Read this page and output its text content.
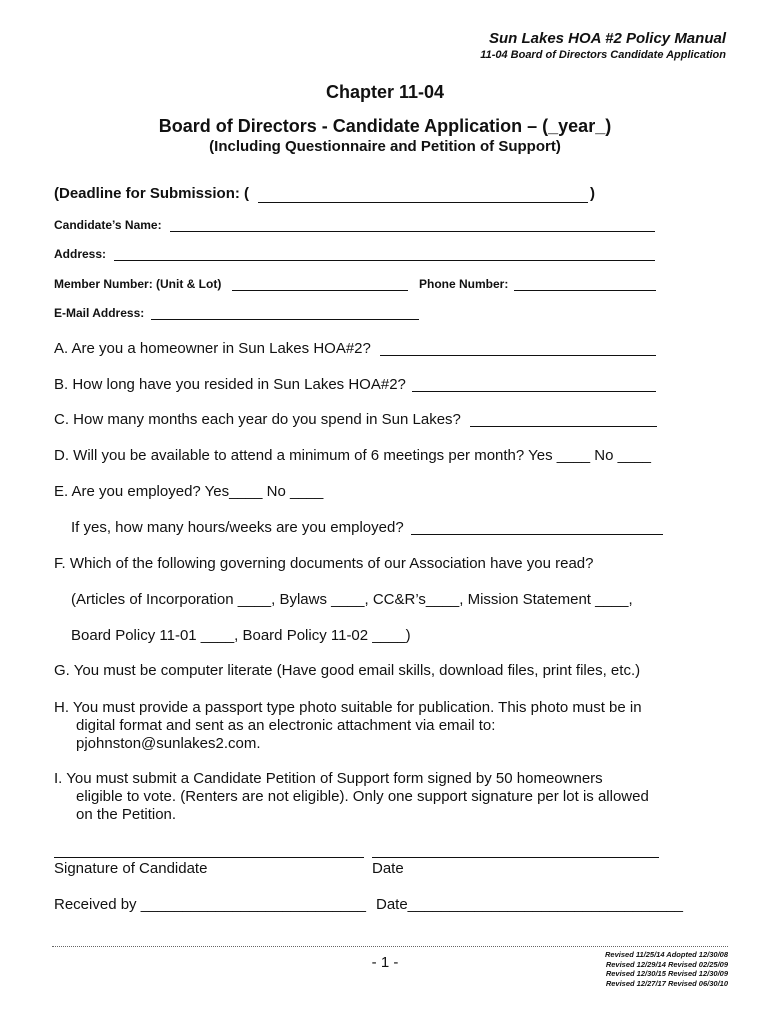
Sun Lakes HOA #2 Policy Manual
11-04 Board of Directors Candidate Application
Chapter 11-04
Board of Directors - Candidate Application – (_year_)
(Including Questionnaire and Petition of Support)
(Deadline for Submission: (	)
Candidate’s Name:
Address:
Member Number: (Unit & Lot)	Phone Number:
E-Mail Address:
A. Are you a homeowner in Sun Lakes HOA#2?
B. How long have you resided in Sun Lakes HOA#2?
C. How many months each year do you spend in Sun Lakes?
D. Will you be available to attend a minimum of 6 meetings per month? Yes ____ No ____
E. Are you employed? Yes____ No ____
If yes, how many hours/weeks are you employed?
F. Which of the following governing documents of our Association have you read?
(Articles of Incorporation ____, Bylaws ____, CC&R’s____, Mission Statement ____,
Board Policy 11-01 ____, Board Policy 11-02 ____)
G. You must be computer literate (Have good email skills, download files, print files, etc.)
H. You must provide a passport type photo suitable for publication. This photo must be in
digital format and sent as an electronic attachment via email to:
pjohnston@sunlakes2.com.
I. You must submit a Candidate Petition of Support form signed by 50 homeowners
eligible to vote. (Renters are not eligible). Only one support signature per lot is allowed
on the Petition.
Signature of Candidate	Date
Received by ___________________________ Date_________________________________
- 1 -	Revised 11/25/14 Adopted 12/30/08
Revised 12/29/14 Revised 02/25/09
Revised 12/30/15 Revised 12/30/09
Revised 12/27/17 Revised 06/30/10
